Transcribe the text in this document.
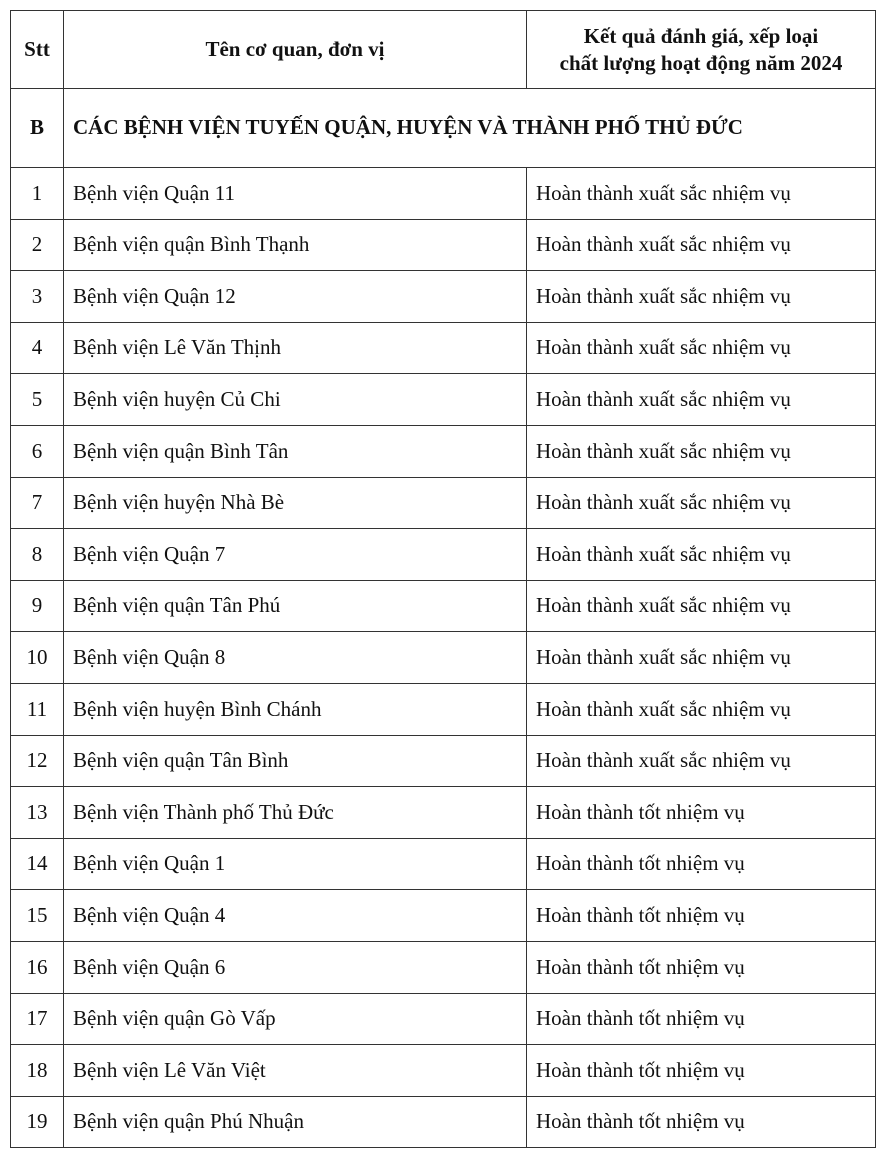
Stt	Tên cơ quan, đơn vị	Kết quả đánh giá, xếp loại
chất lượng hoạt động năm 2024
B	CÁC BỆNH VIỆN TUYẾN QUẬN, HUYỆN VÀ THÀNH PHỐ THỦ ĐỨC	
1	Bệnh viện Quận 11	Hoàn thành xuất sắc nhiệm vụ
2	Bệnh viện quận Bình Thạnh	Hoàn thành xuất sắc nhiệm vụ
3	Bệnh viện Quận 12	Hoàn thành xuất sắc nhiệm vụ
4	Bệnh viện Lê Văn Thịnh	Hoàn thành xuất sắc nhiệm vụ
5	Bệnh viện huyện Củ Chi	Hoàn thành xuất sắc nhiệm vụ
6	Bệnh viện quận Bình Tân	Hoàn thành xuất sắc nhiệm vụ
7	Bệnh viện huyện Nhà Bè	Hoàn thành xuất sắc nhiệm vụ
8	Bệnh viện Quận 7	Hoàn thành xuất sắc nhiệm vụ
9	Bệnh viện quận Tân Phú	Hoàn thành xuất sắc nhiệm vụ
10	Bệnh viện Quận 8	Hoàn thành xuất sắc nhiệm vụ
11	Bệnh viện huyện Bình Chánh	Hoàn thành xuất sắc nhiệm vụ
12	Bệnh viện quận Tân Bình	Hoàn thành xuất sắc nhiệm vụ
13	Bệnh viện Thành phố Thủ Đức	Hoàn thành tốt nhiệm vụ
14	Bệnh viện Quận 1	Hoàn thành tốt nhiệm vụ
15	Bệnh viện Quận 4	Hoàn thành tốt nhiệm vụ
16	Bệnh viện Quận 6	Hoàn thành tốt nhiệm vụ
17	Bệnh viện quận Gò Vấp	Hoàn thành tốt nhiệm vụ
18	Bệnh viện Lê Văn Việt	Hoàn thành tốt nhiệm vụ
19	Bệnh viện quận Phú Nhuận	Hoàn thành tốt nhiệm vụ
